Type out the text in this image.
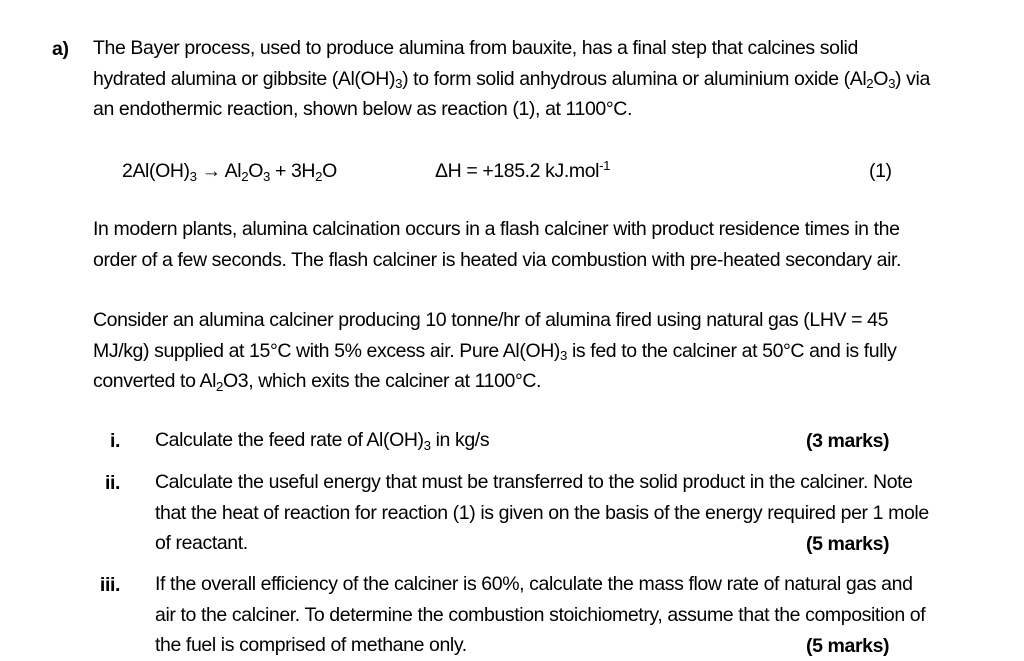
a) The Bayer process, used to produce alumina from bauxite, has a final step that calcines solid
hydrated alumina or gibbsite $(Al(OH)_3)$ to form solid anhydrous alumina or aluminium oxide $(Al_2O_3)$ via
an endothermic reaction, shown below as reaction (1), at 1100°C.
$2Al(OH)_3 \to Al_2O_3 + 3H_2O$	ΔH = +185.2 kJ.mol$^{-1}$	(1)
In modern plants, alumina calcination occurs in a flash calciner with product residence times in the
order of a few seconds. The flash calciner is heated via combustion with pre-heated secondary air.
Consider an alumina calciner producing 10 tonne/hr of alumina fired using natural gas (LHV = 45
MJ/kg) supplied at 15°C with 5% excess air. Pure $Al(OH)_3$ is fed to the calciner at 50°C and is fully
converted to $Al_2O3$, which exits the calciner at 1100°C.
i. Calculate the feed rate of $Al(OH)_3$ in kg/s	(3 marks)
ii. Calculate the useful energy that must be transferred to the solid product in the calciner. Note
that the heat of reaction for reaction (1) is given on the basis of the energy required per 1 mole
of reactant.	(5 marks)
iii. If the overall efficiency of the calciner is 60%, calculate the mass flow rate of natural gas and
air to the calciner. To determine the combustion stoichiometry, assume that the composition of
the fuel is comprised of methane only.	(5 marks)
